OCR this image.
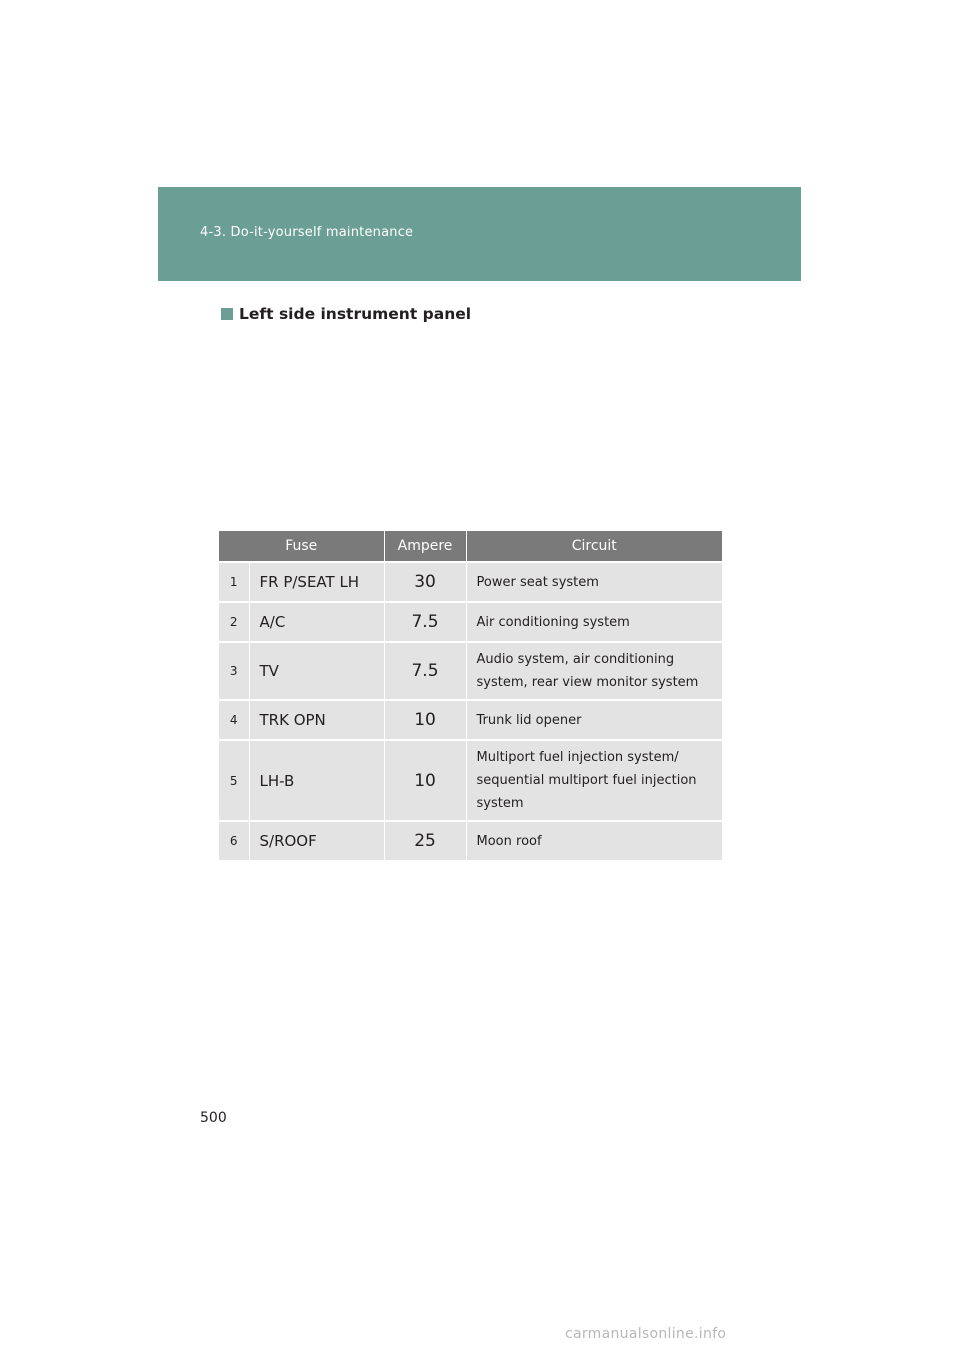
4-3. Do-it-yourself maintenance
Left side instrument panel
Fuse		Ampere	Circuit
1	FR P/SEAT LH	30	Power seat system
2	A/C	7.5	Air conditioning system
3	TV	7.5	Audio system, air conditioning system, rear view monitor system
4	TRK OPN	10	Trunk lid opener
5	LH-B	10	Multiport fuel injection system/ sequential multiport fuel injection system
6	S/ROOF	25	Moon roof
500
carmanualsonline.info
